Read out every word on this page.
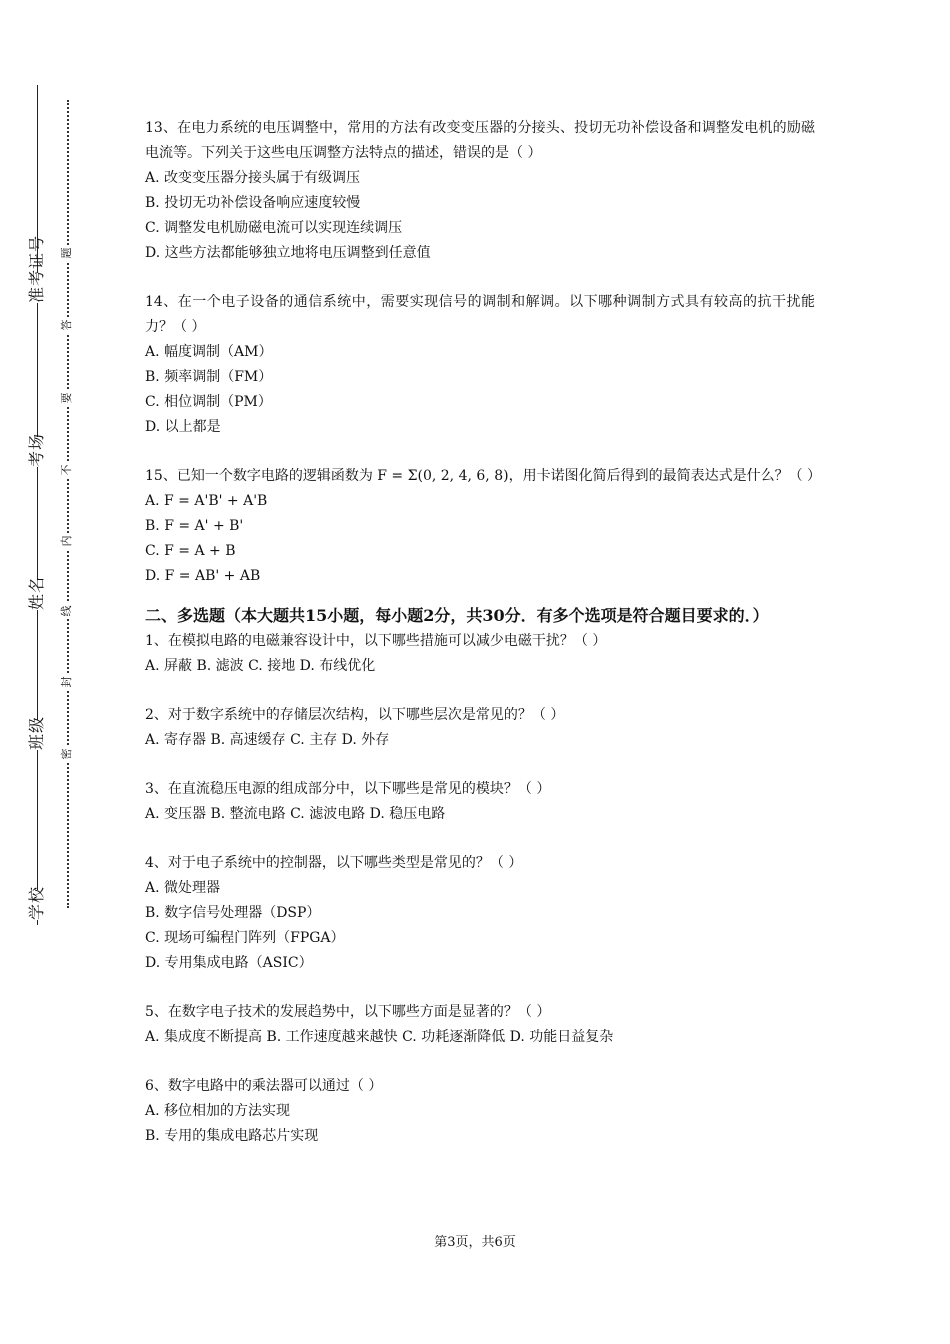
学校
班级
姓名
考场
准考证号	题
答
要
不
内
线
封
密

13、在电力系统的电压调整中，常用的方法有改变变压器的分接头、投切无功补偿设备和调整发电机的励磁电流等。下列关于这些电压调整方法特点的描述，错误的是（ ）

A. 改变变压器分接头属于有级调压

B. 投切无功补偿设备响应速度较慢

C. 调整发电机励磁电流可以实现连续调压

D. 这些方法都能够独立地将电压调整到任意值

14、在一个电子设备的通信系统中，需要实现信号的调制和解调。以下哪种调制方式具有较高的抗干扰能力？（ ）

A. 幅度调制（AM）

B. 频率调制（FM）

C. 相位调制（PM）

D. 以上都是

15、已知一个数字电路的逻辑函数为 F = Σ(0, 2, 4, 6, 8)，用卡诺图化简后得到的最简表达式是什么？（ ）

A. F = A'B' + A'B

B. F = A' + B'

C. F = A + B

D. F = AB' + AB

二、多选题（本大题共15小题，每小题2分，共30分．有多个选项是符合题目要求的．）

1、在模拟电路的电磁兼容设计中，以下哪些措施可以减少电磁干扰？（ ）

A. 屏蔽 B. 滤波 C. 接地 D. 布线优化

2、对于数字系统中的存储层次结构，以下哪些层次是常见的？（ ）

A. 寄存器 B. 高速缓存 C. 主存 D. 外存

3、在直流稳压电源的组成部分中，以下哪些是常见的模块？（ ）

A. 变压器 B. 整流电路 C. 滤波电路 D. 稳压电路

4、对于电子系统中的控制器，以下哪些类型是常见的？（ ）

A. 微处理器

B. 数字信号处理器（DSP）

C. 现场可编程门阵列（FPGA）

D. 专用集成电路（ASIC）

5、在数字电子技术的发展趋势中，以下哪些方面是显著的？（ ）

A. 集成度不断提高 B. 工作速度越来越快 C. 功耗逐渐降低 D. 功能日益复杂

6、数字电路中的乘法器可以通过（ ）

A. 移位相加的方法实现

B. 专用的集成电路芯片实现

第3页，共6页
